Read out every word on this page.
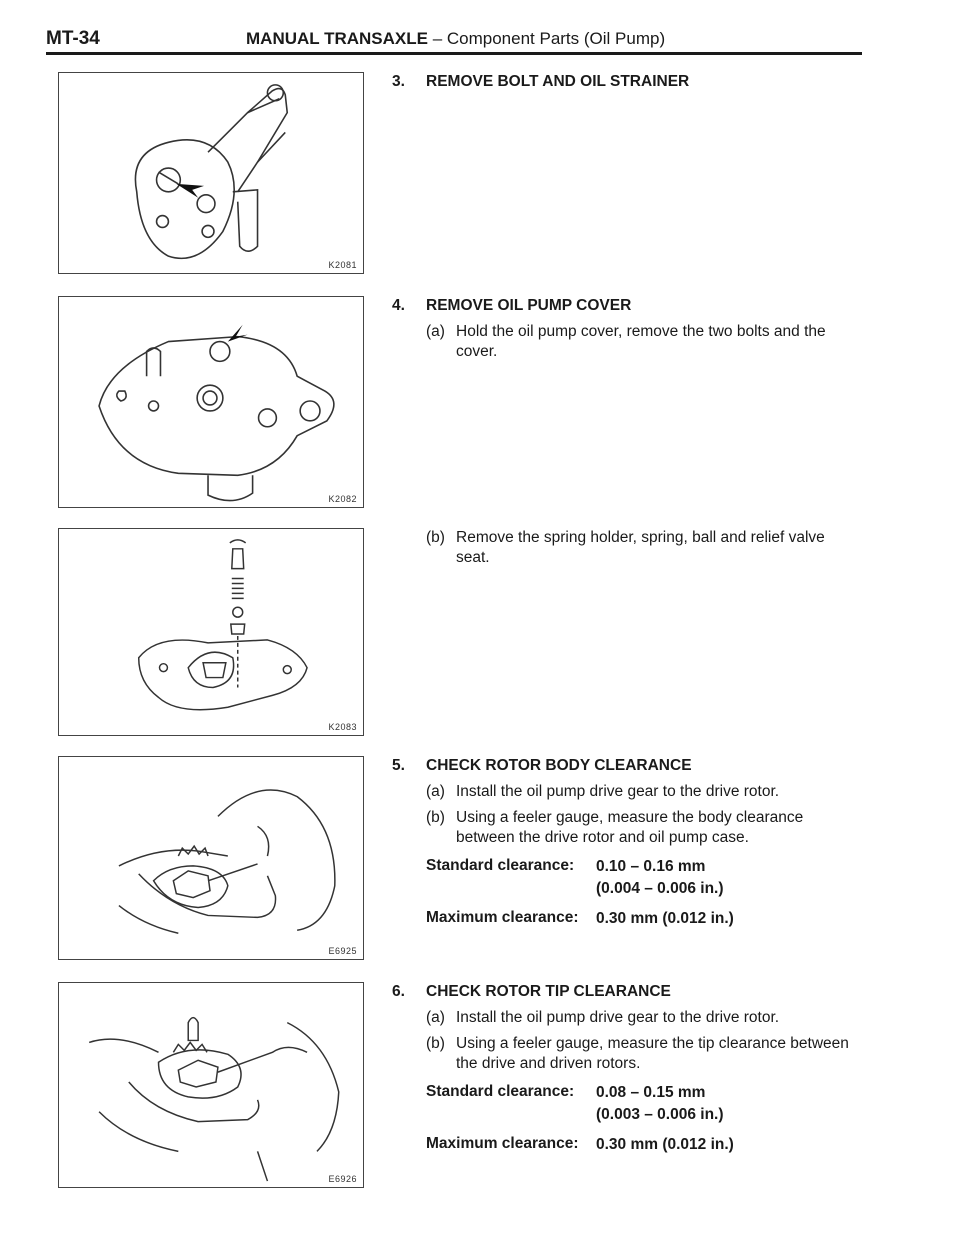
MT-34	MANUAL TRANSAXLE – Component Parts (Oil Pump)
K2081
K2082
K2083
E6925
E6926
3.	REMOVE BOLT AND OIL STRAINER
4.	REMOVE OIL PUMP COVER
(a) Hold the oil pump cover, remove the two bolts and the cover.
(b) Remove the spring holder, spring, ball and relief valve seat.
5.	CHECK ROTOR BODY CLEARANCE
(a) Install the oil pump drive gear to the drive rotor.
(b) Using a feeler gauge, measure the body clearance between the drive rotor and oil pump case.
Standard clearance:	0.10 – 0.16 mm
(0.004 – 0.006 in.)
Maximum clearance:	0.30 mm (0.012 in.)
6.	CHECK ROTOR TIP CLEARANCE
(a) Install the oil pump drive gear to the drive rotor.
(b) Using a feeler gauge, measure the tip clearance between the drive and driven rotors.
Standard clearance:	0.08 – 0.15 mm
(0.003 – 0.006 in.)
Maximum clearance:	0.30 mm (0.012 in.)
